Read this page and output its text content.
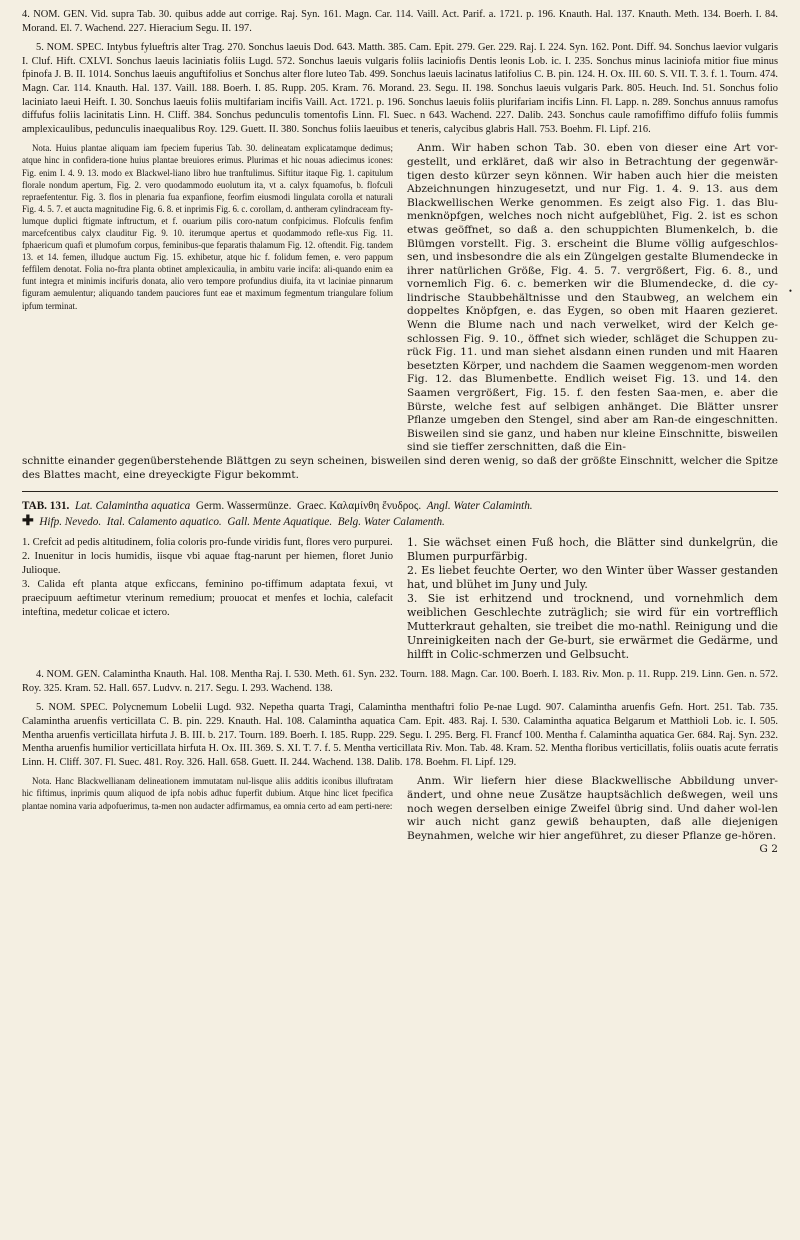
4. NOM. GEN. Vid. supra Tab. 30. quibus adde aut corrige. Raj. Syn. 161. Magn. Car. 114. Vaill. Act. Parif. a. 1721. p. 196. Knauth. Hal. 137. Knauth. Meth. 134. Boerh. I. 84. Morand. El. 7. Wachend. 227. Hieracium Segu. II. 197.

5. NOM. SPEC. Intybus fylueftris alter Trag. 270. Sonchus laeuis Dod. 643. Matth. 385. Cam. Epit. 279. Ger. 229. Raj. I. 224. Syn. 162. Pont. Diff. 94. Sonchus laevior vulgaris I. Cluf. Hift. CXLVI. Sonchus laeuis laciniatis foliis Lugd. 572. Sonchus laeuis vulgaris foliis laciniofis Dentis leonis Lob. ic. I. 235. Sonchus minus laciniofa mitior fiue minus fpinofa J. B. II. 1014. Sonchus laeuis anguftifolius et Sonchus alter flore luteo Tab. 499. Sonchus laeuis lacinatus latifolius C. B. pin. 124. H. Ox. III. 60. S. VII. T. 3. f. 1. Tourn. 474. Magn. Car. 114. Knauth. Hal. 137. Vaill. 188. Boerh. I. 85. Rupp. 205. Kram. 76. Morand. 23. Segu. II. 198. Sonchus laeuis vulgaris Park. 805. Heuch. Ind. 51. Sonchus folio laciniato laeui Heift. I. 30. Sonchus laeuis foliis multifariam incifis Vaill. Act. 1721. p. 196. Sonchus laeuis foliis plurifariam incifis Linn. Fl. Lapp. n. 289. Sonchus annuus ramofus diffufus foliis lacinitatis Linn. H. Cliff. 384. Sonchus pedunculis tomentofis Linn. Fl. Suec. n 643. Wachend. 227. Dalib. 243. Sonchus caule ramofiffimo diffufo foliis fummis amplexicaulibus, pedunculis inaequalibus Roy. 129. Guett. II. 380. Sonchus foliis laeuibus et teneris, calycibus glabris Hall. 753. Boehm. Fl. Lipf. 216.

•

Nota. Huius plantae aliquam iam fpeciem fuperius Tab. 30. delineatam explicatamque dedimus; atque hinc in confidera-tione huius plantae breuiores erimus. Plurimas et hic nouas adiecimus icones: Fig. enim I. 4. 9. 13. modo ex Blackwel-liano libro hue tranftulimus. Siftitur itaque Fig. 1. capitulum florale nondum apertum, Fig. 2. vero quodammodo euolutum ita, vt a. calyx fquamofus, b. flofculi repraefententur. Fig. 3. flos in plenaria fua expanfione, feorfim eiusmodi lingulata corolla et naturali Fig. 4. 5. 7. et aucta magnitudine Fig. 6. 8. et inprimis Fig. 6. c. corollam, d. antheram cylindraceam fty-lumque duplici ftigmate inftructum, et f. ouarium pilis coro-natum confpicimus. Flofculis fenfim marcefcentibus calyx clauditur Fig. 9. 10. iterumque apertus et quodammodo refle-xus Fig. 11. fphaericum quafi et plumofum corpus, feminibus-que feparatis thalamum Fig. 12. oftendit. Fig. tandem 13. et 14. femen, illudque auctum Fig. 15. exhibetur, atque hic f. folidum femen, e. vero pappum feffilem denotat. Folia no-ftra planta obtinet amplexicaulia, in ambitu varie incifa: ali-quando enim ea funt integra et minimis incifuris donata, alio vero tempore profundius diuifa, ita vt laciniae pinnarum figuram aemulentur; aliquando tandem pauciores funt eae et maximum fegmentum triangulare folium ipfum terminat.

Anm. Wir haben schon Tab. 30. eben von dieser eine Art vor-gestellt, und erkläret, daß wir also in Betrachtung der gegenwär-tigen desto kürzer seyn können. Wir haben auch hier die meisten Abzeichnungen hinzugesetzt, und nur Fig. 1. 4. 9. 13. aus dem Blackwellischen Werke genommen. Es zeigt also Fig. 1. das Blu-menknöpfgen, welches noch nicht aufgeblühet, Fig. 2. ist es schon etwas geöffnet, so daß a. den schuppichten Blumenkelch, b. die Blümgen vorstellt. Fig. 3. erscheint die Blume völlig aufgeschlos-sen, und insbesondre die als ein Züngelgen gestalte Blumendecke in ihrer natürlichen Größe, Fig. 4. 5. 7. vergrößert, Fig. 6. 8., und vornemlich Fig. 6. c. bemerken wir die Blumendecke, d. die cy-lindrische Staubbehältnisse und den Staubweg, an welchem ein doppeltes Knöpfgen, e. das Eygen, so oben mit Haaren gezieret. Wenn die Blume nach und nach verwelket, wird der Kelch ge-schlossen Fig. 9. 10., öffnet sich wieder, schläget die Schuppen zu-rück Fig. 11. und man siehet alsdann einen runden und mit Haaren besetzten Körper, und nachdem die Saamen weggenom-men worden Fig. 12. das Blumenbette. Endlich weiset Fig. 13. und 14. den Saamen vergrößert, Fig. 15. f. den festen Saa-men, e. aber die Bürste, welche fest auf selbigen anhänget. Die Blätter unsrer Pflanze umgeben den Stengel, sind aber am Ran-de eingeschnitten. Bisweilen sind sie ganz, und haben nur kleine Einschnitte, bisweilen sind sie tieffer zerschnitten, daß die Ein-

schnitte einander gegenüberstehende Blättgen zu seyn scheinen, bisweilen sind deren wenig, so daß der größte Einschnitt, welcher die Spitze des Blattes macht, eine dreyeckigte Figur bekommt.

TAB. 131. Lat. Calamintha aquatica Germ. Wassermünze. Graec. Καλαμίνθη ἔνυδρος. Angl. Water Calaminth.
✚ Hifp. Nevedo. Ital. Calamento aquatico. Gall. Mente Aquatique. Belg. Water Calamenth.

1. Crefcit ad pedis altitudinem, folia coloris pro-funde viridis funt, flores vero purpurei.

2. Inuenitur in locis humidis, iisque vbi aquae ftag-narunt per hiemen, floret Junio Julioque.

3. Calida eft planta atque exficcans, feminino po-tiffimum adaptata fexui, vt praecipuum aeftimetur vterinum remedium; prouocat et menfes et lochia, calefacit inteftina, medetur colicae et ictero.

1. Sie wächset einen Fuß hoch, die Blätter sind dunkelgrün, die Blumen purpurfärbig.

2. Es liebet feuchte Oerter, wo den Winter über Wasser gestanden hat, und blühet im Juny und July.

3. Sie ist erhitzend und trocknend, und vornehmlich dem weiblichen Geschlechte zuträglich; sie wird für ein vortrefflich Mutterkraut gehalten, sie treibet die mo-nathl. Reinigung und die Unreinigkeiten nach der Ge-burt, sie erwärmet die Gedärme, und hilfft in Colic-schmerzen und Gelbsucht.

4. NOM. GEN. Calamintha Knauth. Hal. 108. Mentha Raj. I. 530. Meth. 61. Syn. 232. Tourn. 188. Magn. Car. 100. Boerh. I. 183. Riv. Mon. p. 11. Rupp. 219. Linn. Gen. n. 572. Roy. 325. Kram. 52. Hall. 657. Ludvv. n. 217. Segu. I. 293. Wachend. 138.

5. NOM. SPEC. Polycnemum Lobelii Lugd. 932. Nepetha quarta Tragi, Calamintha menthaftri folio Pe-nae Lugd. 907. Calamintha aruenfis Gefn. Hort. 251. Tab. 735. Calamintha aruenfis verticillata C. B. pin. 229. Knauth. Hal. 108. Calamintha aquatica Cam. Epit. 483. Raj. I. 530. Calamintha aquatica Belgarum et Matthioli Lob. ic. I. 505. Mentha aruenfis verticillata hirfuta J. B. III. b. 217. Tourn. 189. Boerh. I. 185. Rupp. 229. Segu. I. 295. Berg. Fl. Francf 100. Mentha f. Calamintha aquatica Ger. 684. Raj. Syn. 232. Mentha aruenfis humilior verticillata hirfuta H. Ox. III. 369. S. XI. T. 7. f. 5. Mentha verticillata Riv. Mon. Tab. 48. Kram. 52. Mentha floribus verticillatis, foliis ouatis acute ferratis Linn. H. Cliff. 307. Fl. Suec. 481. Roy. 326. Hall. 658. Guett. II. 244. Wachend. 138. Dalib. 178. Boehm. Fl. Lipf. 129.

Nota. Hanc Blackwellianam delineationem immutatam nul-lisque aliis additis iconibus illuftratam hic fiftimus, inprimis quum aliquod de ipfa nobis adhuc fuperfit dubium. Atque hinc licet fpecifica plantae nomina varia adpofuerimus, ta-men non audacter adfirmamus, ea omnia certo ad eam perti-nere:

Anm. Wir liefern hier diese Blackwellische Abbildung unver-ändert, und ohne neue Zusätze hauptsächlich deßwegen, weil uns noch wegen derselben einige Zweifel übrig sind. Und daher wol-len wir auch nicht ganz gewiß behaupten, daß alle diejenigen Beynahmen, welche wir hier angeführet, zu dieser Pflanze ge-hören.

G 2
